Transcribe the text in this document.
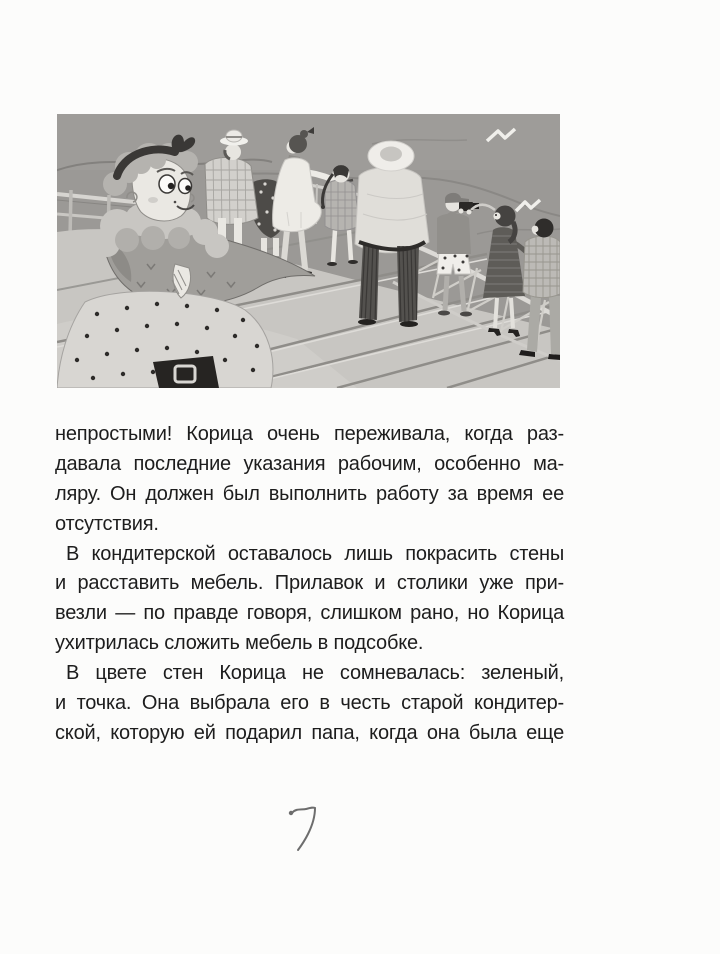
непростыми! Корица очень переживала, когда раз-

давала последние указания рабочим, особенно ма-

ляру. Он должен был выполнить работу за время ее

отсутствия.

В кондитерской оставалось лишь покрасить стены

и расставить мебель. Прилавок и столики уже при-

везли — по правде говоря, слишком рано, но Корица

ухитрилась сложить мебель в подсобке.

В цвете стен Корица не сомневалась: зеленый,

и точка. Она выбрала его в честь старой кондитер-

ской, которую ей подарил папа, когда она была еще
